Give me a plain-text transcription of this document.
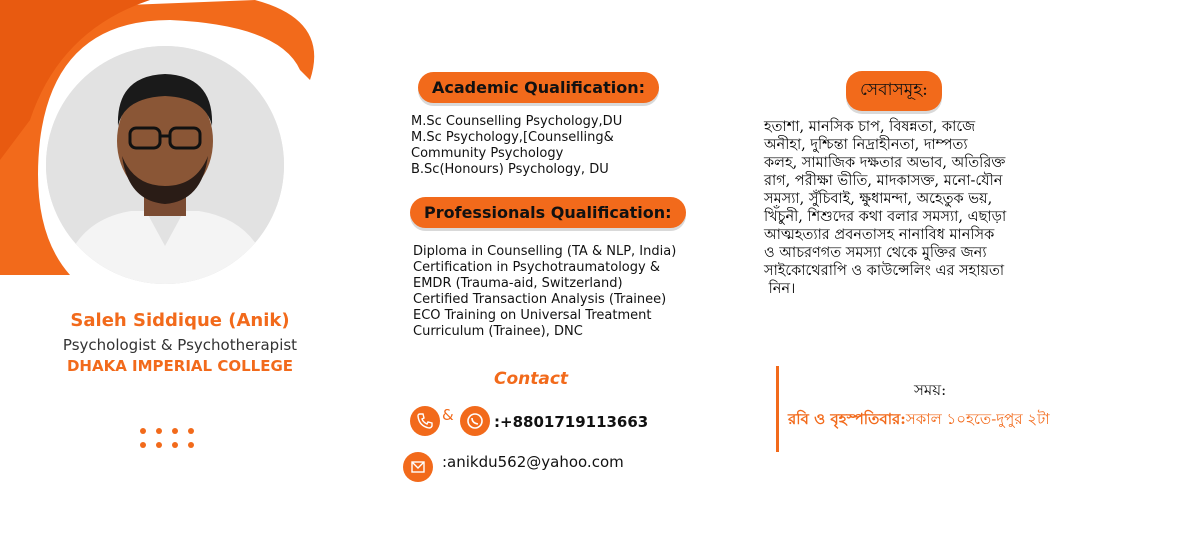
Saleh Siddique (Anik)
Psychologist & Psychotherapist
DHAKA IMPERIAL COLLEGE
Academic Qualification:
M.Sc Counselling Psychology,DU
M.Sc Psychology,[Counselling&
Community Psychology
B.Sc(Honours) Psychology, DU
Professionals Qualification:
Diploma in Counselling (TA & NLP, India)
Certification in Psychotraumatology &
EMDR (Trauma-aid, Switzerland)
Certified Transaction Analysis (Trainee)
ECO Training on Universal Treatment
Curriculum (Trainee), DNC
সেবাসমূহ:
হতাশা, মানসিক চাপ, বিষন্নতা, কাজে
অনীহা, দুশ্চিন্তা নিদ্রাহীনতা, দাম্পত্য
কলহ, সামাজিক দক্ষতার অভাব, অতিরিক্ত
রাগ, পরীক্ষা ভীতি, মাদকাসক্ত, মনো-যৌন
সমস্যা, সুঁচিবাই, ক্ষুধামন্দা, অহেতুক ভয়,
খিঁচুনী, শিশুদের কথা বলার সমস্যা, এছাড়া
আত্মহত্যার প্রবনতাসহ নানাবিধ মানসিক
ও আচরণগত সমস্যা থেকে মুক্তির জন্য
সাইকোথেরাপি ও কাউন্সেলিং এর সহায়তা
নিন।
Contact
&	:+8801719113663
:anikdu562@yahoo.com
সময়:
রবি ও বৃহস্পতিবার:সকাল ১০হতে-দুপুর ২টা
